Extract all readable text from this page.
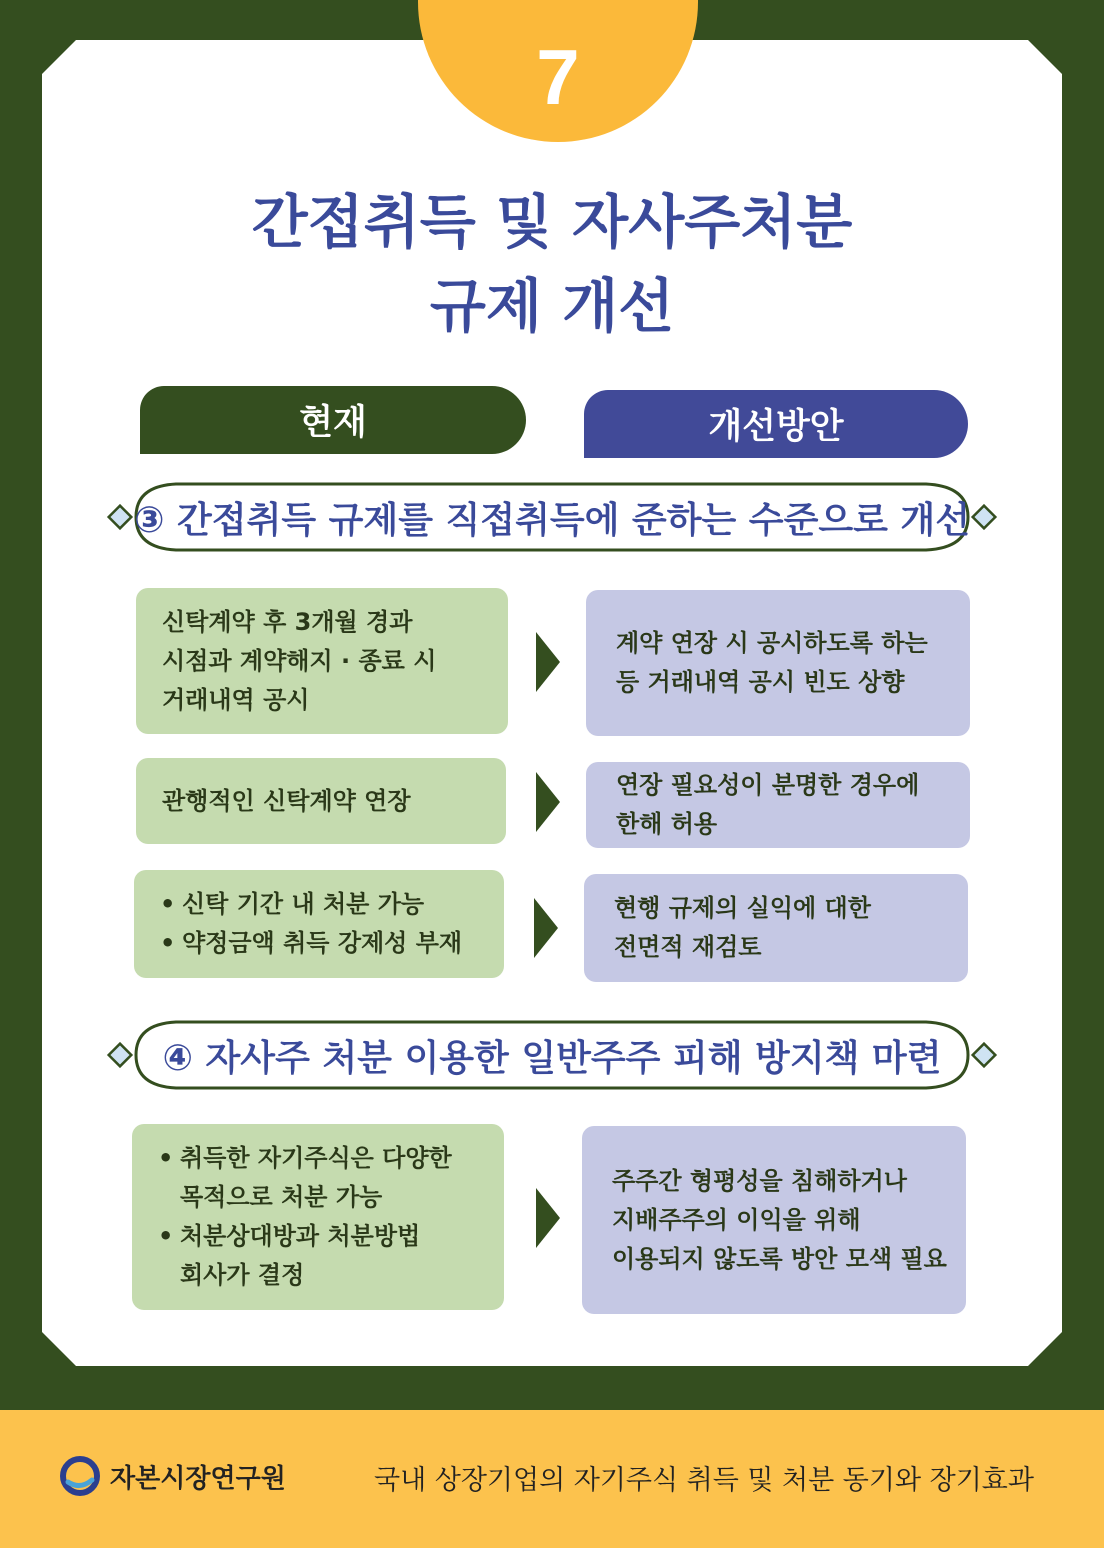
7
간접취득 및 자사주처분
규제 개선
현재	개선방안
③ 간접취득 규제를 직접취득에 준하는 수준으로 개선
신탁계약 후 3개월 경과
시점과 계약해지 · 종료 시
거래내역 공시
계약 연장 시 공시하도록 하는
등 거래내역 공시 빈도 상향
관행적인 신탁계약 연장
연장 필요성이 분명한 경우에
한해 허용
• 신탁 기간 내 처분 가능
• 약정금액 취득 강제성 부재
현행 규제의 실익에 대한
전면적 재검토
④ 자사주 처분 이용한 일반주주 피해 방지책 마련
• 취득한 자기주식은 다양한
목적으로 처분 가능
• 처분상대방과 처분방법
회사가 결정
주주간 형평성을 침해하거나
지배주주의 이익을 위해
이용되지 않도록 방안 모색 필요
자본시장연구원	국내 상장기업의 자기주식 취득 및 처분 동기와 장기효과
